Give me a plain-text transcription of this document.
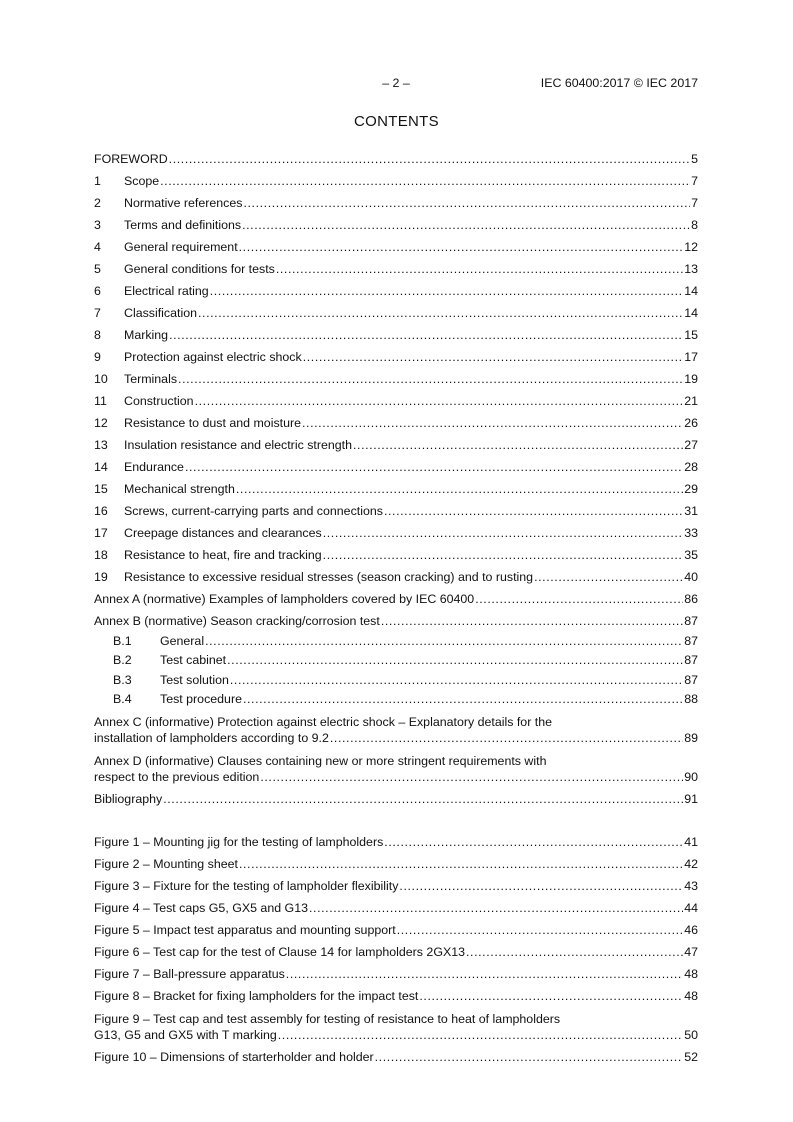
– 2 –	IEC 60400:2017 © IEC 2017
CONTENTS
FOREWORD .....	5
1	Scope .....	7
2	Normative references .....	7
3	Terms and definitions .....	8
4	General requirement .....	12
5	General conditions for tests .....	13
6	Electrical rating .....	14
7	Classification .....	14
8	Marking .....	15
9	Protection against electric shock .....	17
10	Terminals .....	19
11	Construction .....	21
12	Resistance to dust and moisture .....	26
13	Insulation resistance and electric strength .....	27
14	Endurance .....	28
15	Mechanical strength .....	29
16	Screws, current-carrying parts and connections .....	31
17	Creepage distances and clearances .....	33
18	Resistance to heat, fire and tracking .....	35
19	Resistance to excessive residual stresses (season cracking) and to rusting .....	40
Annex A (normative) Examples of lampholders covered by IEC 60400 .....	86
Annex B (normative) Season cracking/corrosion test .....	87
B.1	General .....	87
B.2	Test cabinet .....	87
B.3	Test solution .....	87
B.4	Test procedure .....	88
Annex C (informative) Protection against electric shock – Explanatory details for the
installation of lampholders according to 9.2 .....	89
Annex D (informative) Clauses containing new or more stringent requirements with
respect to the previous edition .....	90
Bibliography .....	91
Figure 1 – Mounting jig for the testing of lampholders .....	41
Figure 2 – Mounting sheet .....	42
Figure 3 – Fixture for the testing of lampholder flexibility .....	43
Figure 4 – Test caps G5, GX5 and G13 .....	44
Figure 5 – Impact test apparatus and mounting support .....	46
Figure 6 – Test cap for the test of Clause 14 for lampholders 2GX13 .....	47
Figure 7 – Ball-pressure apparatus .....	48
Figure 8 – Bracket for fixing lampholders for the impact test .....	48
Figure 9 – Test cap and test assembly for testing of resistance to heat of lampholders
G13, G5 and GX5 with T marking .....	50
Figure 10 – Dimensions of starterholder and holder .....	52
